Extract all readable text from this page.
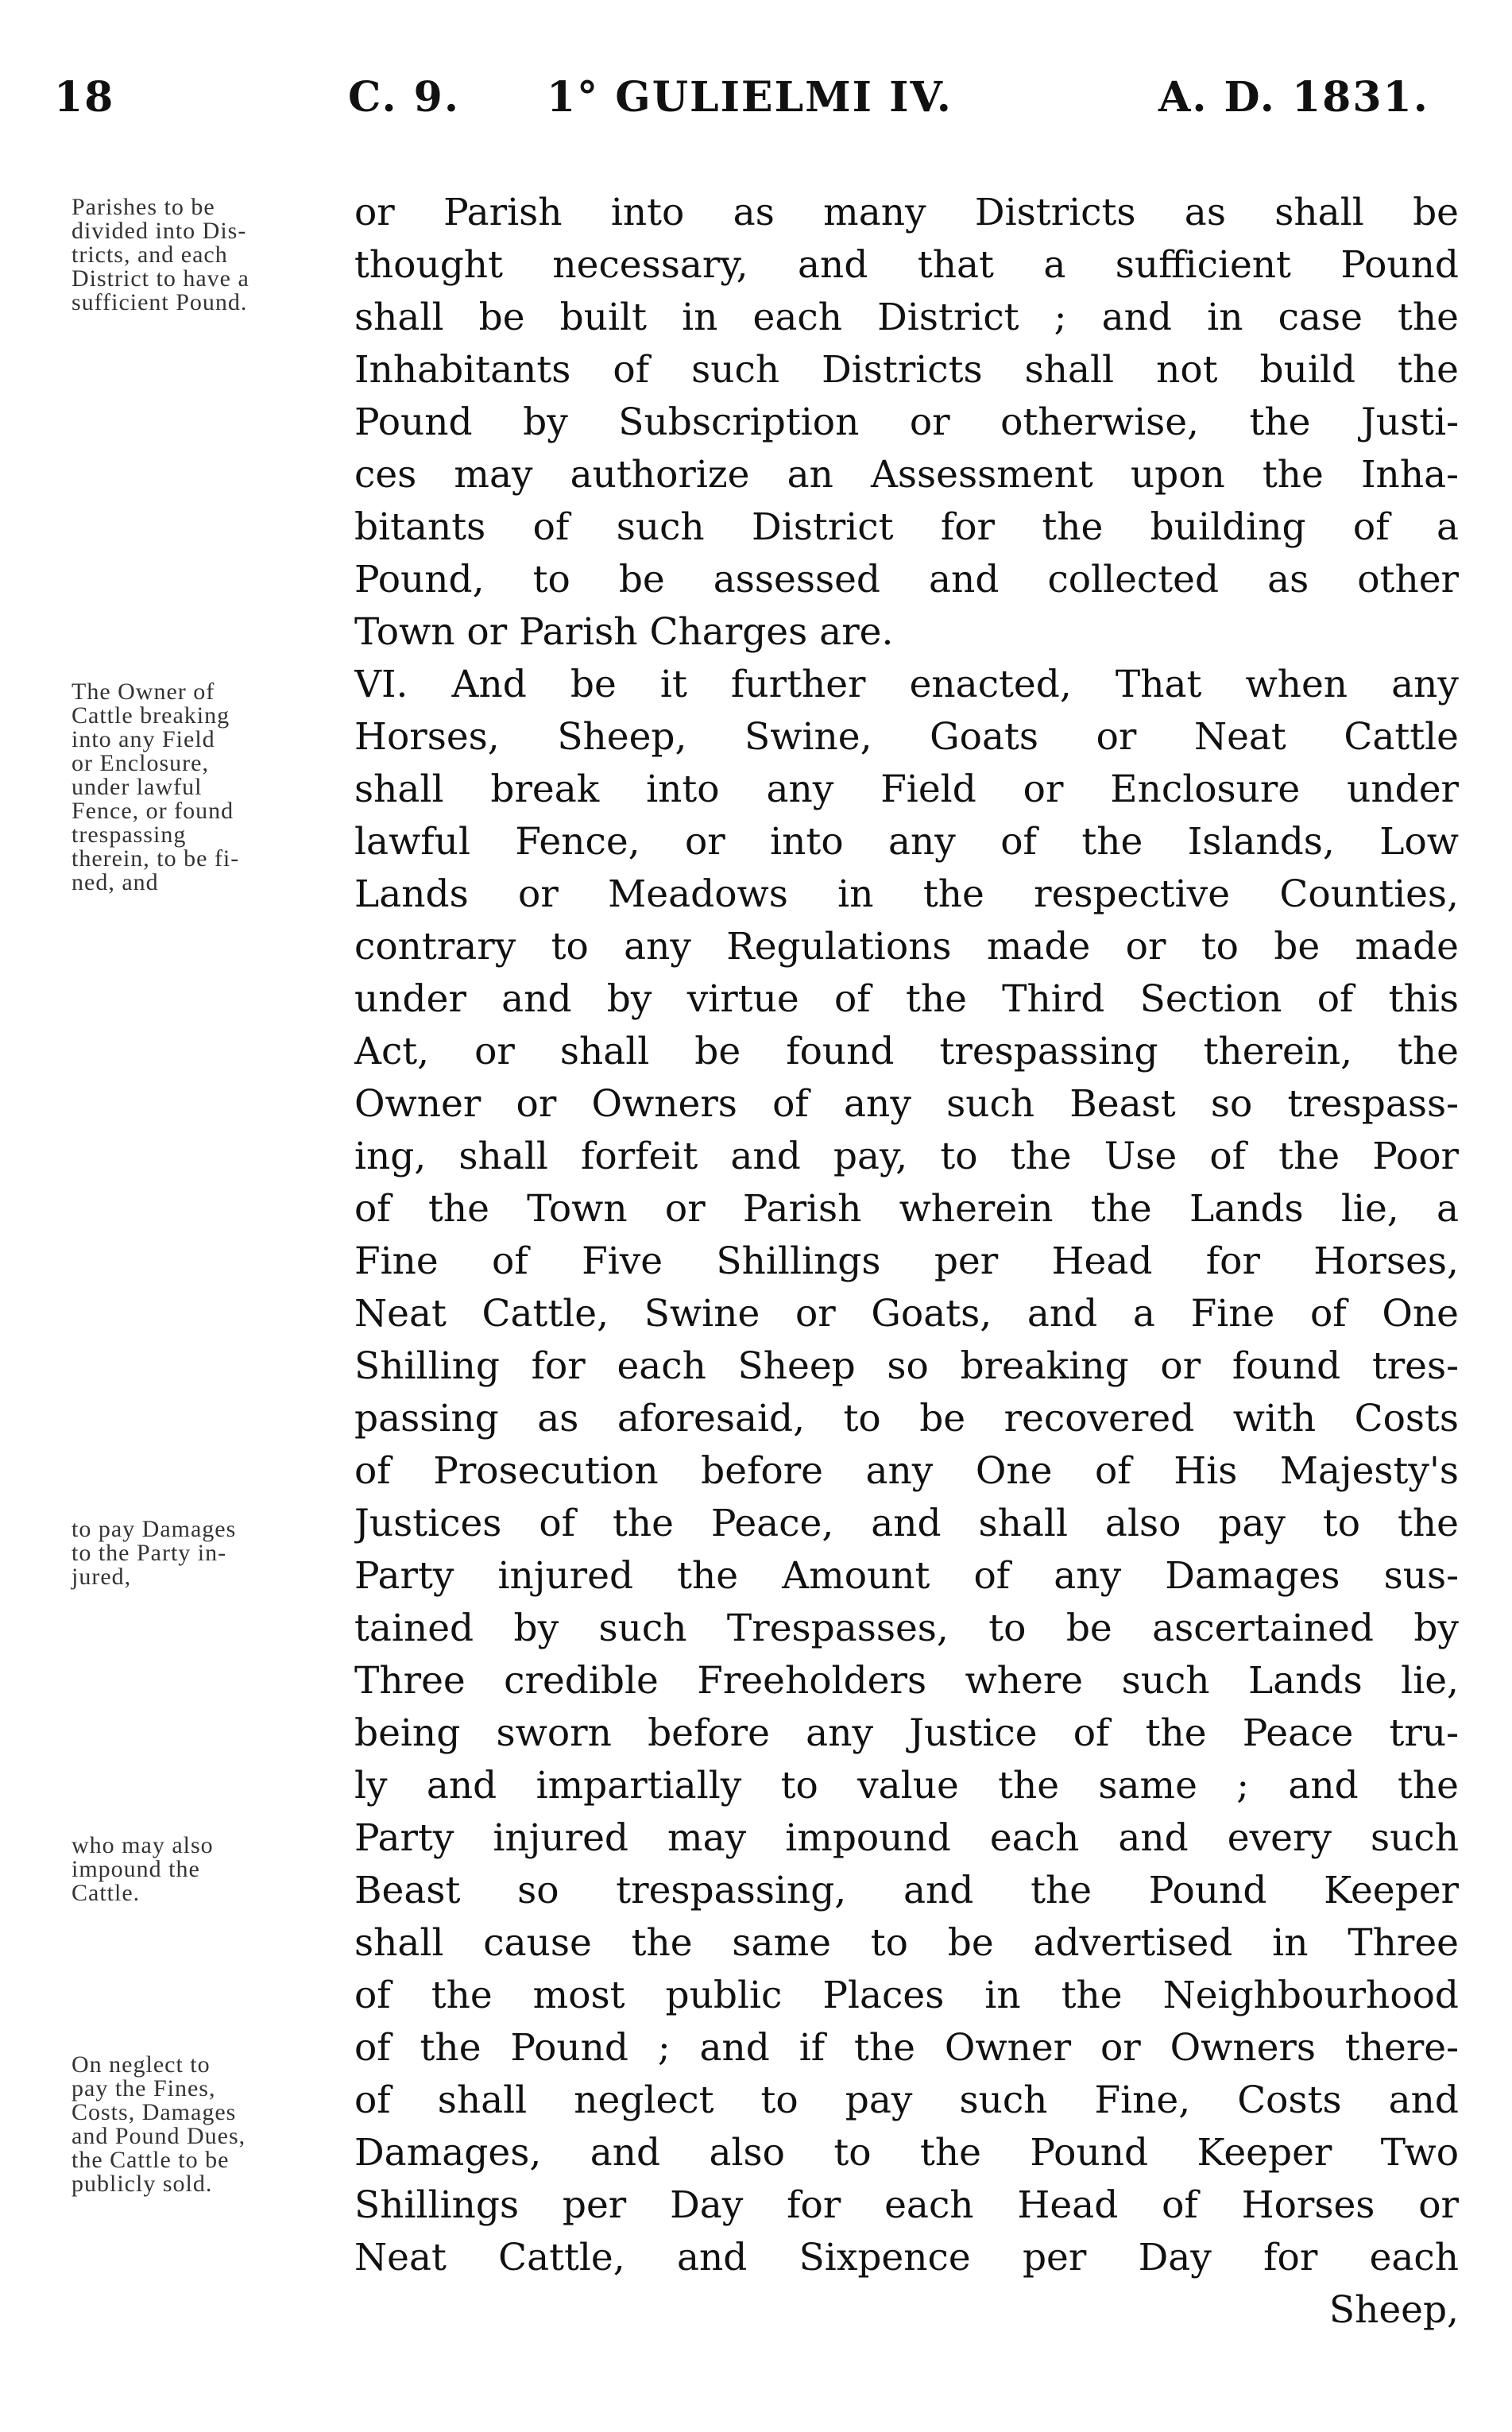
18	C. 9. 1° GULIELMI IV.	A. D. 1831.
Parishes to be
divided into Dis-
tricts, and each
District to have a
sufficient Pound.
The Owner of
Cattle breaking
into any Field
or Enclosure,
under lawful
Fence, or found
trespassing
therein, to be fi-
ned, and
to pay Damages
to the Party in-
jured,
who may also
impound the
Cattle.
On neglect to
pay the Fines,
Costs, Damages
and Pound Dues,
the Cattle to be
publicly sold.
or Parish into as many Districts as shall be
thought necessary, and that a sufficient Pound
shall be built in each District ; and in case the
Inhabitants of such Districts shall not build the
Pound by Subscription or otherwise, the Justi-
ces may authorize an Assessment upon the Inha-
bitants of such District for the building of a
Pound, to be assessed and collected as other
Town or Parish Charges are.
VI. And be it further enacted, That when any
Horses, Sheep, Swine, Goats or Neat Cattle
shall break into any Field or Enclosure under
lawful Fence, or into any of the Islands, Low
Lands or Meadows in the respective Counties,
contrary to any Regulations made or to be made
under and by virtue of the Third Section of this
Act, or shall be found trespassing therein, the
Owner or Owners of any such Beast so trespass-
ing, shall forfeit and pay, to the Use of the Poor
of the Town or Parish wherein the Lands lie, a
Fine of Five Shillings per Head for Horses,
Neat Cattle, Swine or Goats, and a Fine of One
Shilling for each Sheep so breaking or found tres-
passing as aforesaid, to be recovered with Costs
of Prosecution before any One of His Majesty's
Justices of the Peace, and shall also pay to the
Party injured the Amount of any Damages sus-
tained by such Trespasses, to be ascertained by
Three credible Freeholders where such Lands lie,
being sworn before any Justice of the Peace tru-
ly and impartially to value the same ; and the
Party injured may impound each and every such
Beast so trespassing, and the Pound Keeper
shall cause the same to be advertised in Three
of the most public Places in the Neighbourhood
of the Pound ; and if the Owner or Owners there-
of shall neglect to pay such Fine, Costs and
Damages, and also to the Pound Keeper Two
Shillings per Day for each Head of Horses or
Neat Cattle, and Sixpence per Day for each
Sheep,
